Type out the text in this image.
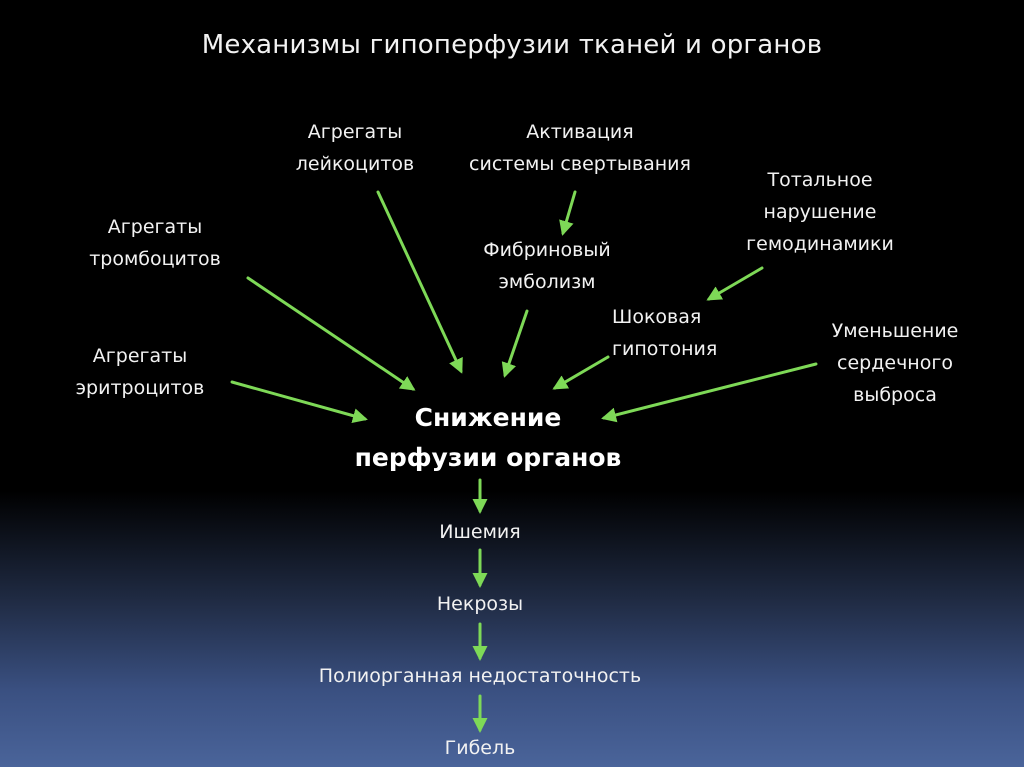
Механизмы гипоперфузии тканей и органов
Агрегаты
лейкоцитов
Активация
системы свертывания
Тотальное
нарушение
гемодинамики
Агрегаты
тромбоцитов	Фибриновый
эмболизм
Шоковая
гипотония
Уменьшение
сердечного
выброса
Агрегаты
эритроцитов
Снижение
перфузии органов
Ишемия
Некрозы
Полиорганная недостаточность
Гибель
